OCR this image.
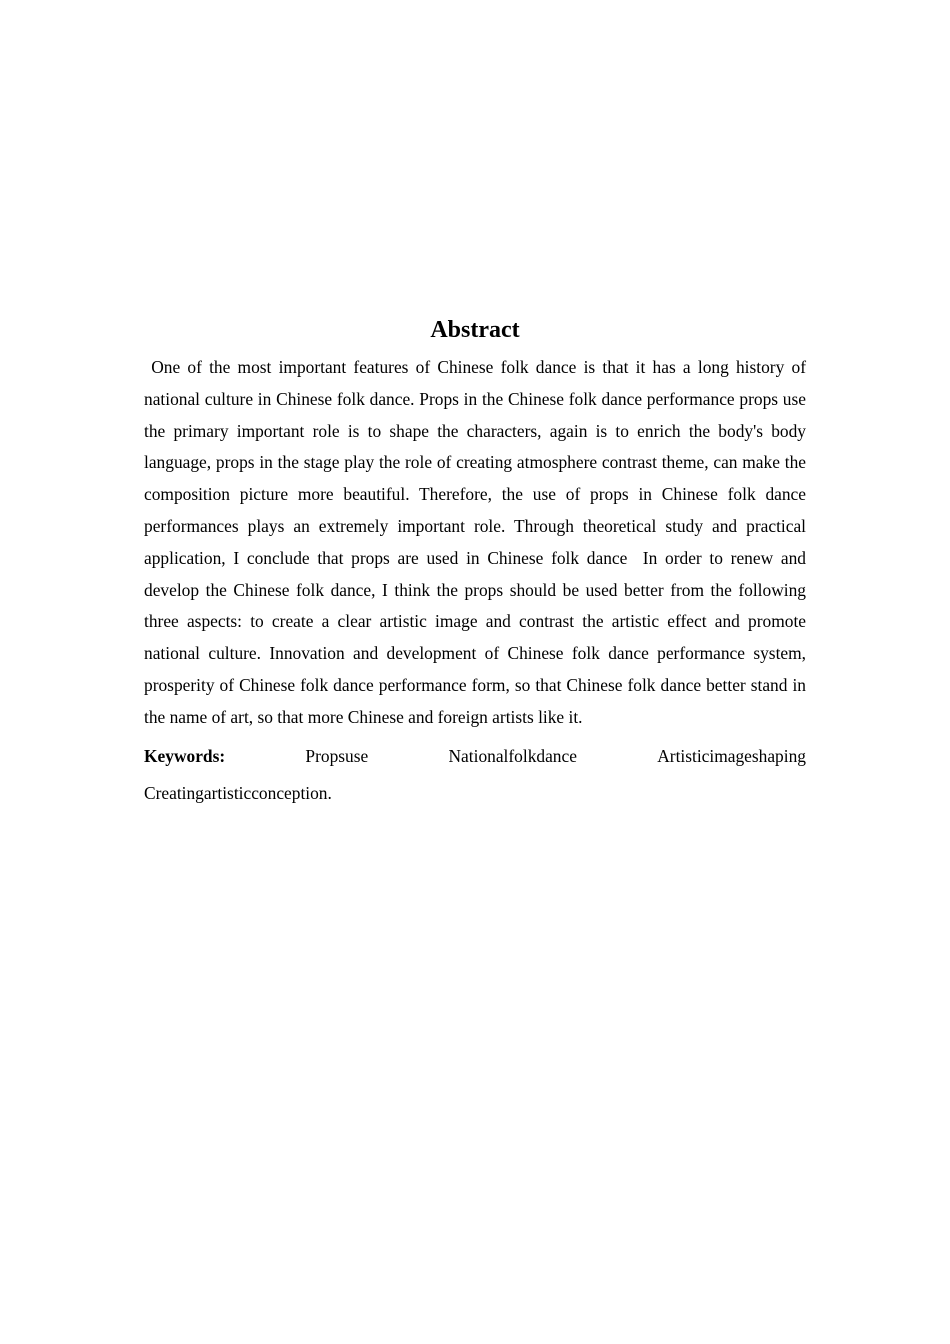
Abstract

One of the most important features of Chinese folk dance is that it has a long history of national culture in Chinese folk dance. Props in the Chinese folk dance performance props use the primary important role is to shape the characters, again is to enrich the body's body language, props in the stage play the role of creating atmosphere contrast theme, can make the composition picture more beautiful. Therefore, the use of props in Chinese folk dance performances plays an extremely important role. Through theoretical study and practical application, I conclude that props are used in Chinese folk dance  In order to renew and develop the Chinese folk dance, I think the props should be used better from the following three aspects: to create a clear artistic image and contrast the artistic effect and promote national culture. Innovation and development of Chinese folk dance performance system, prosperity of Chinese folk dance performance form, so that Chinese folk dance better stand in the name of art, so that more Chinese and foreign artists like it.

Keywords:	Propsuse	Nationalfolkdance	Artisticimageshaping
Creatingartisticconception.
